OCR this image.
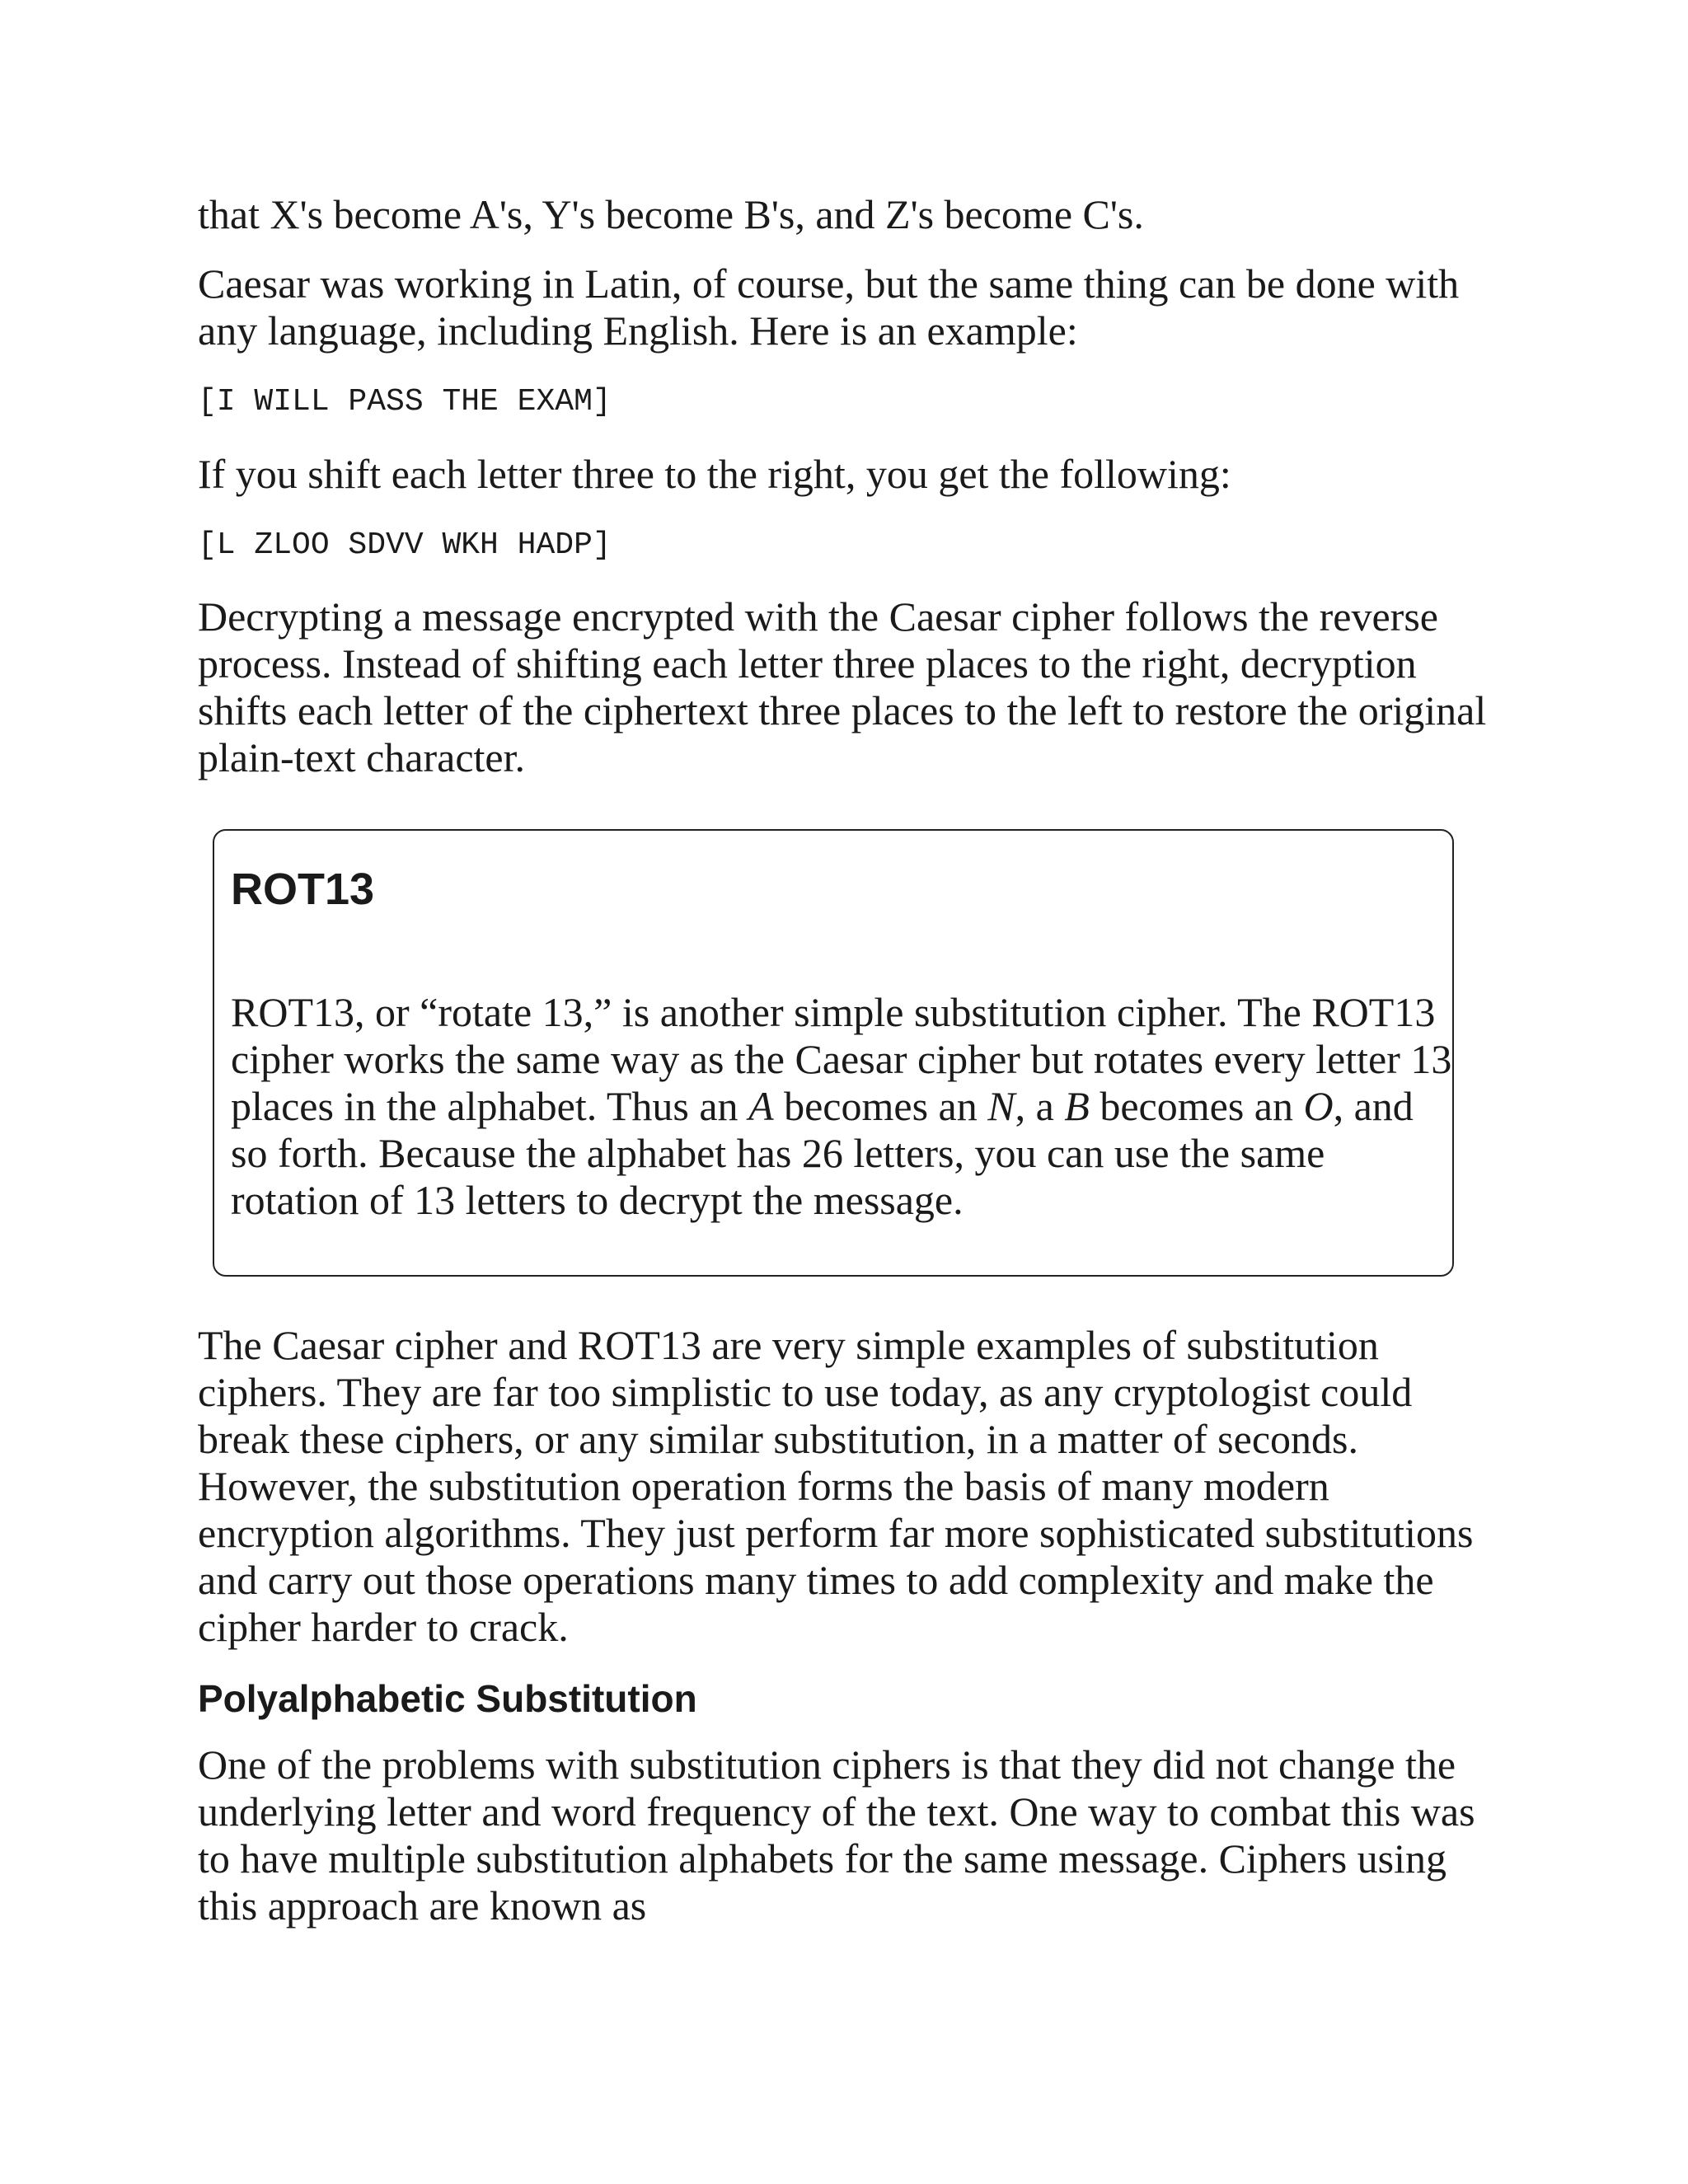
that X's become A's, Y's become B's, and Z's become C's.

Caesar was working in Latin, of course, but the same thing can be done with any language, including English. Here is an example:

[I WILL PASS THE EXAM]

If you shift each letter three to the right, you get the following:

[L ZLOO SDVV WKH HADP]

Decrypting a message encrypted with the Caesar cipher follows the reverse process. Instead of shifting each letter three places to the right, decryption shifts each letter of the ciphertext three places to the left to restore the original plain-text character.

ROT13

ROT13, or “rotate 13,” is another simple substitution cipher. The ROT13 cipher works the same way as the Caesar cipher but rotates every letter 13 places in the alphabet. Thus an A becomes an N, a B becomes an O, and so forth. Because the alphabet has 26 letters, you can use the same rotation of 13 letters to decrypt the message.

The Caesar cipher and ROT13 are very simple examples of substitution ciphers. They are far too simplistic to use today, as any cryptologist could break these ciphers, or any similar substitution, in a matter of seconds. However, the substitution operation forms the basis of many modern encryption algorithms. They just perform far more sophisticated substitutions and carry out those operations many times to add complexity and make the cipher harder to crack.

Polyalphabetic Substitution

One of the problems with substitution ciphers is that they did not change the underlying letter and word frequency of the text. One way to combat this was to have multiple substitution alphabets for the same message. Ciphers using this approach are known as
